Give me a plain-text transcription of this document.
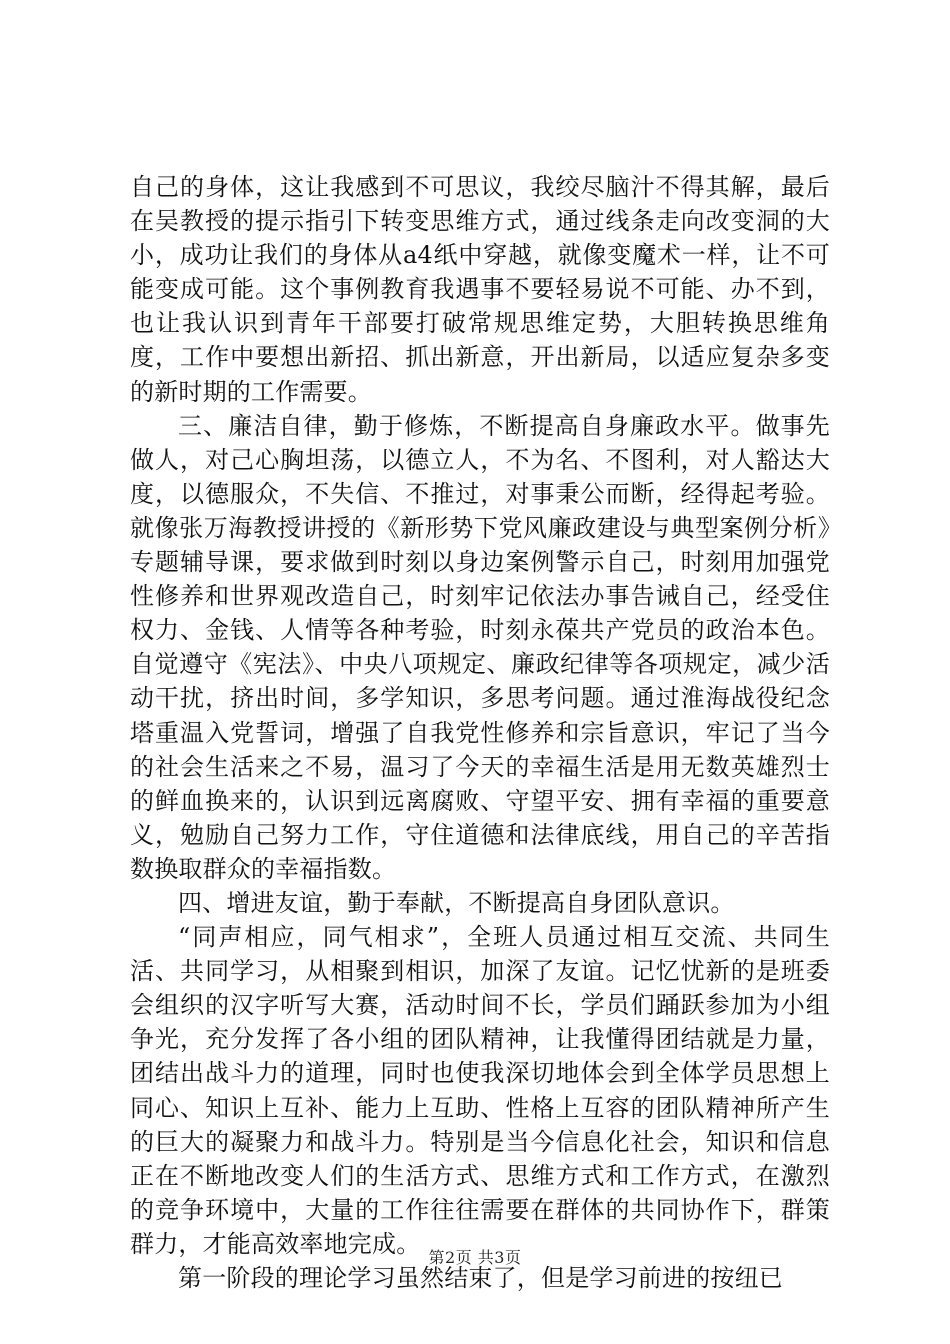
自己的身体，这让我感到不可思议，我绞尽脑汁不得其解，最后在吴教授的提示指引下转变思维方式，通过线条走向改变洞的大小，成功让我们的身体从a4纸中穿越，就像变魔术一样，让不可能变成可能。这个事例教育我遇事不要轻易说不可能、办不到，也让我认识到青年干部要打破常规思维定势，大胆转换思维角度，工作中要想出新招、抓出新意，开出新局，以适应复杂多变的新时期的工作需要。

三、廉洁自律，勤于修炼，不断提高自身廉政水平。做事先做人，对己心胸坦荡，以德立人，不为名、不图利，对人豁达大度，以德服众，不失信、不推过，对事秉公而断，经得起考验。就像张万海教授讲授的《新形势下党风廉政建设与典型案例分析》专题辅导课，要求做到时刻以身边案例警示自己，时刻用加强党性修养和世界观改造自己，时刻牢记依法办事告诫自己，经受住权力、金钱、人情等各种考验，时刻永葆共产党员的政治本色。自觉遵守《宪法》、中央八项规定、廉政纪律等各项规定，减少活动干扰，挤出时间，多学知识，多思考问题。通过淮海战役纪念塔重温入党誓词，增强了自我党性修养和宗旨意识，牢记了当今的社会生活来之不易，温习了今天的幸福生活是用无数英雄烈士的鲜血换来的，认识到远离腐败、守望平安、拥有幸福的重要意义，勉励自己努力工作，守住道德和法律底线，用自己的辛苦指数换取群众的幸福指数。

四、增进友谊，勤于奉献，不断提高自身团队意识。

“同声相应，同气相求”，全班人员通过相互交流、共同生活、共同学习，从相聚到相识，加深了友谊。记忆忧新的是班委会组织的汉字听写大赛，活动时间不长，学员们踊跃参加为小组争光，充分发挥了各小组的团队精神，让我懂得团结就是力量，团结出战斗力的道理，同时也使我深切地体会到全体学员思想上同心、知识上互补、能力上互助、性格上互容的团队精神所产生的巨大的凝聚力和战斗力。特别是当今信息化社会，知识和信息正在不断地改变人们的生活方式、思维方式和工作方式，在激烈的竞争环境中，大量的工作往往需要在群体的共同协作下，群策群力，才能高效率地完成。

第一阶段的理论学习虽然结束了，但是学习前进的按纽已

第2页 共3页
